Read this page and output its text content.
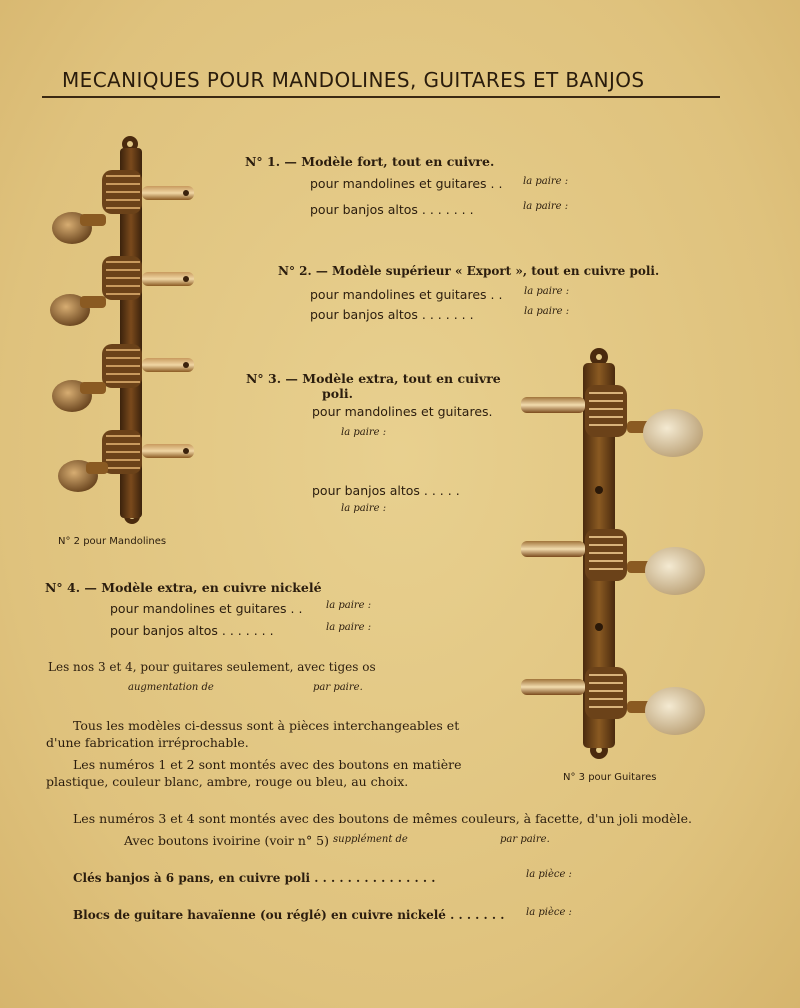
MECANIQUES POUR MANDOLINES, GUITARES ET BANJOS
N° 2 pour Mandolines
N° 3 pour Guitares
N° 1. — Modèle fort, tout en cuivre.
pour mandolines et guitares . . la paire :
pour banjos altos . . . . . . .	la paire :
N° 2. — Modèle supérieur « Export », tout en cuivre poli.
pour mandolines et guitares . . la paire :
pour banjos altos . . . . . . .	la paire :
N° 3. — Modèle extra, tout en cuivre
poli.
pour mandolines et guitares.
la paire :
pour banjos altos . . . . .
la paire :
N° 4. — Modèle extra, en cuivre nickelé
pour mandolines et guitares . . la paire :
pour banjos altos . . . . . . .	la paire :
Les nos 3 et 4, pour guitares seulement, avec tiges os
augmentation de	par paire.
Tous les modèles ci-dessus sont à pièces interchangeables et d'une fabrication irréprochable.
Les numéros 1 et 2 sont montés avec des boutons en matière plastique, couleur blanc, ambre, rouge ou bleu, au choix.
Les numéros 3 et 4 sont montés avec des boutons de mêmes couleurs, à facette, d'un joli modèle.
Avec boutons ivoirine (voir n° 5) supplément de	par paire.
Clés banjos à 6 pans, en cuivre poli . . . . . . . . . . . . . . .	la pièce :
Blocs de guitare havaïenne (ou réglé) en cuivre nickelé . . . . . . . la pièce :
